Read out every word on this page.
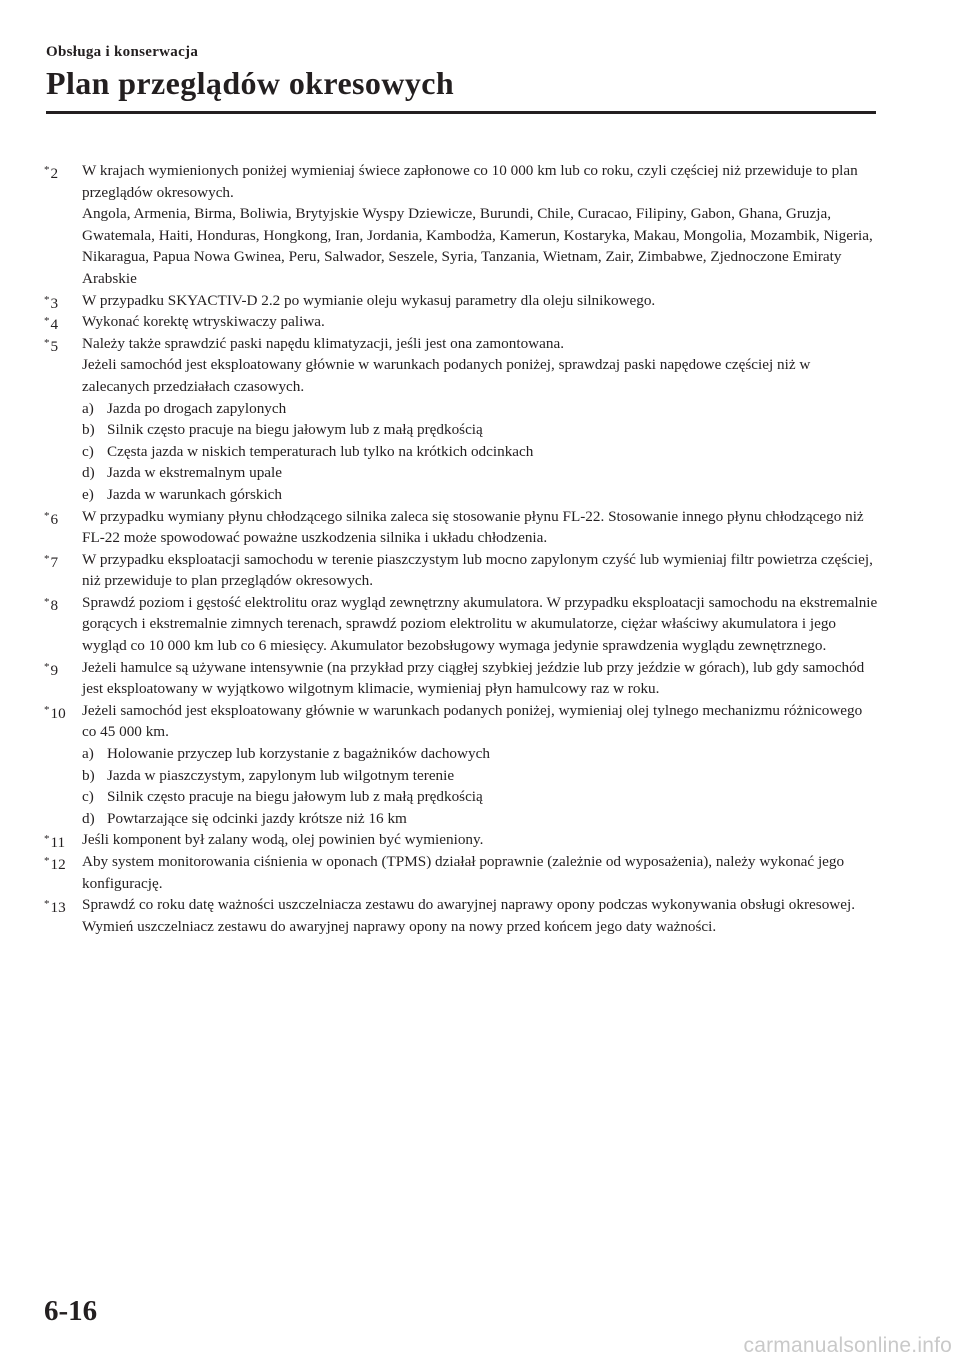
Obsługa i konserwacja
Plan przeglądów okresowych
*2 W krajach wymienionych poniżej wymieniaj świece zapłonowe co 10 000 km lub co roku, czyli częściej niż przewiduje to plan przeglądów okresowych.
Angola, Armenia, Birma, Boliwia, Brytyjskie Wyspy Dziewicze, Burundi, Chile, Curacao, Filipiny, Gabon, Ghana, Gruzja, Gwatemala, Haiti, Honduras, Hongkong, Iran, Jordania, Kambodża, Kamerun, Kostaryka, Makau, Mongolia, Mozambik, Nigeria, Nikaragua, Papua Nowa Gwinea, Peru, Salwador, Seszele, Syria, Tanzania, Wietnam, Zair, Zimbabwe, Zjednoczone Emiraty Arabskie
*3 W przypadku SKYACTIV-D 2.2 po wymianie oleju wykasuj parametry dla oleju silnikowego.
*4 Wykonać korektę wtryskiwaczy paliwa.
*5 Należy także sprawdzić paski napędu klimatyzacji, jeśli jest ona zamontowana.
Jeżeli samochód jest eksploatowany głównie w warunkach podanych poniżej, sprawdzaj paski napędowe częściej niż w zalecanych przedziałach czasowych.
a) Jazda po drogach zapylonych
b) Silnik często pracuje na biegu jałowym lub z małą prędkością
c) Częsta jazda w niskich temperaturach lub tylko na krótkich odcinkach
d) Jazda w ekstremalnym upale
e) Jazda w warunkach górskich
*6 W przypadku wymiany płynu chłodzącego silnika zaleca się stosowanie płynu FL-22. Stosowanie innego płynu chłodzącego niż FL-22 może spowodować poważne uszkodzenia silnika i układu chłodzenia.
*7 W przypadku eksploatacji samochodu w terenie piaszczystym lub mocno zapylonym czyść lub wymieniaj filtr powietrza częściej, niż przewiduje to plan przeglądów okresowych.
*8 Sprawdź poziom i gęstość elektrolitu oraz wygląd zewnętrzny akumulatora. W przypadku eksploatacji samochodu na ekstremalnie gorących i ekstremalnie zimnych terenach, sprawdź poziom elektrolitu w akumulatorze, ciężar właściwy akumulatora i jego wygląd co 10 000 km lub co 6 miesięcy. Akumulator bezobsługowy wymaga jedynie sprawdzenia wyglądu zewnętrznego.
*9 Jeżeli hamulce są używane intensywnie (na przykład przy ciągłej szybkiej jeździe lub przy jeździe w górach), lub gdy samochód jest eksploatowany w wyjątkowo wilgotnym klimacie, wymieniaj płyn hamulcowy raz w roku.
*10 Jeżeli samochód jest eksploatowany głównie w warunkach podanych poniżej, wymieniaj olej tylnego mechanizmu różnicowego co 45 000 km.
a) Holowanie przyczep lub korzystanie z bagażników dachowych
b) Jazda w piaszczystym, zapylonym lub wilgotnym terenie
c) Silnik często pracuje na biegu jałowym lub z małą prędkością
d) Powtarzające się odcinki jazdy krótsze niż 16 km
*11 Jeśli komponent był zalany wodą, olej powinien być wymieniony.
*12 Aby system monitorowania ciśnienia w oponach (TPMS) działał poprawnie (zależnie od wyposażenia), należy wykonać jego konfigurację.
*13 Sprawdź co roku datę ważności uszczelniacza zestawu do awaryjnej naprawy opony podczas wykonywania obsługi okresowej. Wymień uszczelniacz zestawu do awaryjnej naprawy opony na nowy przed końcem jego daty ważności.
6-16
carmanualsonline.info
